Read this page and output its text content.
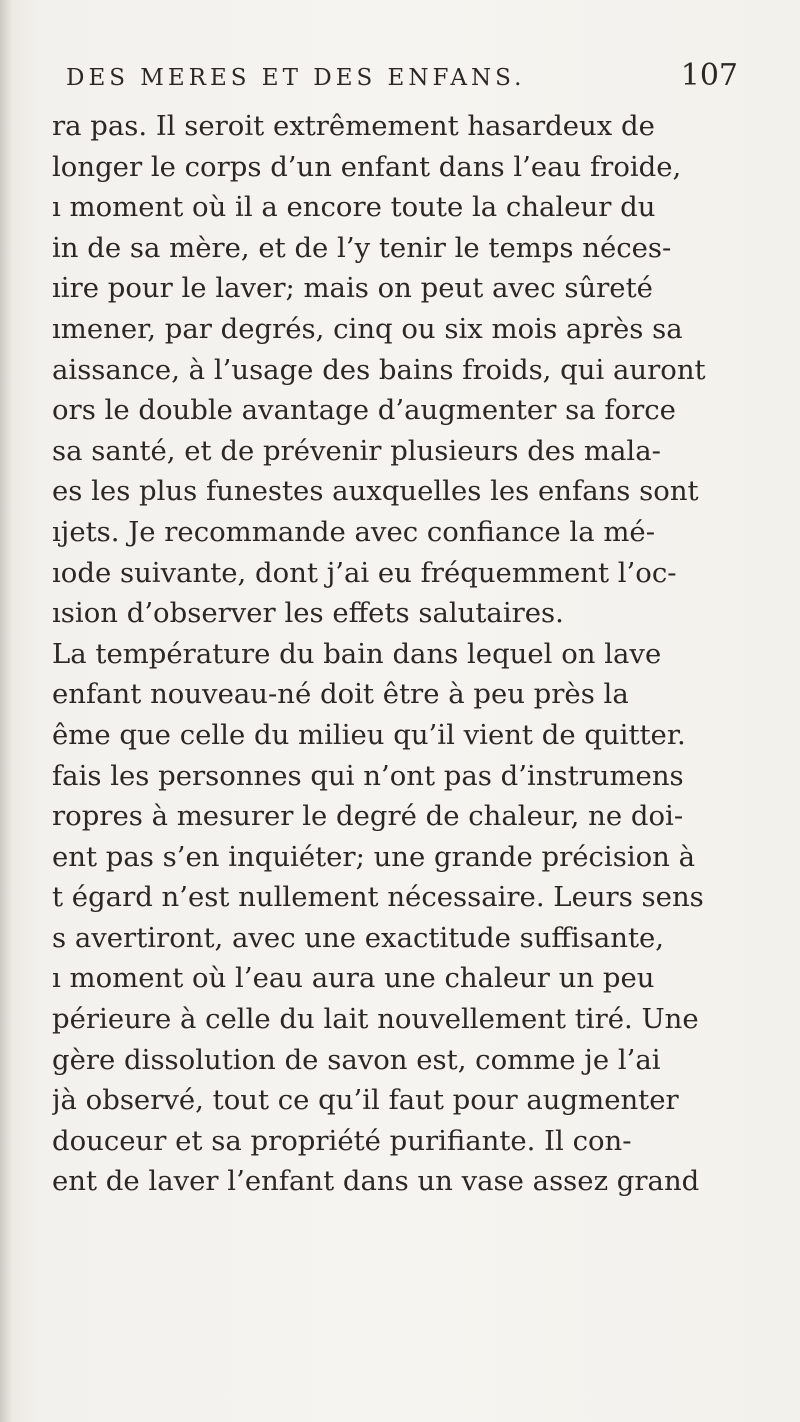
DES MERES ET DES ENFANS.	107
ra pas. Il seroit extrêmement hasardeux de
longer le corps d’un enfant dans l’eau froide,
ı moment où il a encore toute la chaleur du
in de sa mère, et de l’y tenir le temps néces-
ıire pour le laver; mais on peut avec sûreté
ımener, par degrés, cinq ou six mois après sa
aissance, à l’usage des bains froids, qui auront
ors le double avantage d’augmenter sa force
sa santé, et de prévenir plusieurs des mala-
es les plus funestes auxquelles les enfans sont
ıjets. Je recommande avec confiance la mé-
ıode suivante, dont j’ai eu fréquemment l’oc-
ısion d’observer les effets salutaires.
La température du bain dans lequel on lave
enfant nouveau-né doit être à peu près la
ême que celle du milieu qu’il vient de quitter.
fais les personnes qui n’ont pas d’instrumens
ropres à mesurer le degré de chaleur, ne doi-
ent pas s’en inquiéter; une grande précision à
t égard n’est nullement nécessaire. Leurs sens
s avertiront, avec une exactitude suffisante,
ı moment où l’eau aura une chaleur un peu
périeure à celle du lait nouvellement tiré. Une
gère dissolution de savon est, comme je l’ai
jà observé, tout ce qu’il faut pour augmenter
douceur et sa propriété purifiante. Il con-
ent de laver l’enfant dans un vase assez grand
